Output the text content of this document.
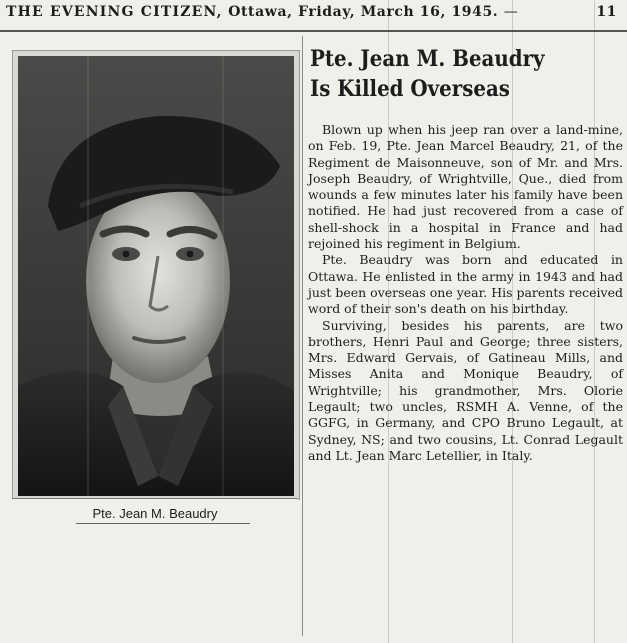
THE EVENING CITIZEN, Ottawa, Friday, March 16, 1945. —	11
Pte. Jean M. Beaudry
Pte. Jean M. Beaudry
Is Killed Overseas

Blown up when his jeep ran over a land-mine, on Feb. 19, Pte. Jean Marcel Beaudry, 21, of the Regiment de Maisonneuve, son of Mr. and Mrs. Joseph Beaudry, of Wrightville, Que., died from wounds a few minutes later his family have been notified. He had just recovered from a case of shell-shock in a hospital in France and had rejoined his regiment in Belgium.

Pte. Beaudry was born and educated in Ottawa. He enlisted in the army in 1943 and had just been overseas one year. His parents received word of their son's death on his birthday.

Surviving, besides his parents, are two brothers, Henri Paul and George; three sisters, Mrs. Edward Gervais, of Gatineau Mills, and Misses Anita and Monique Beaudry, of Wrightville; his grandmother, Mrs. Olorie Legault; two uncles, RSMH A. Venne, of the GGFG, in Germany, and CPO Bruno Legault, at Sydney, NS; and two cousins, Lt. Conrad Legault and Lt. Jean Marc Letellier, in Italy.
